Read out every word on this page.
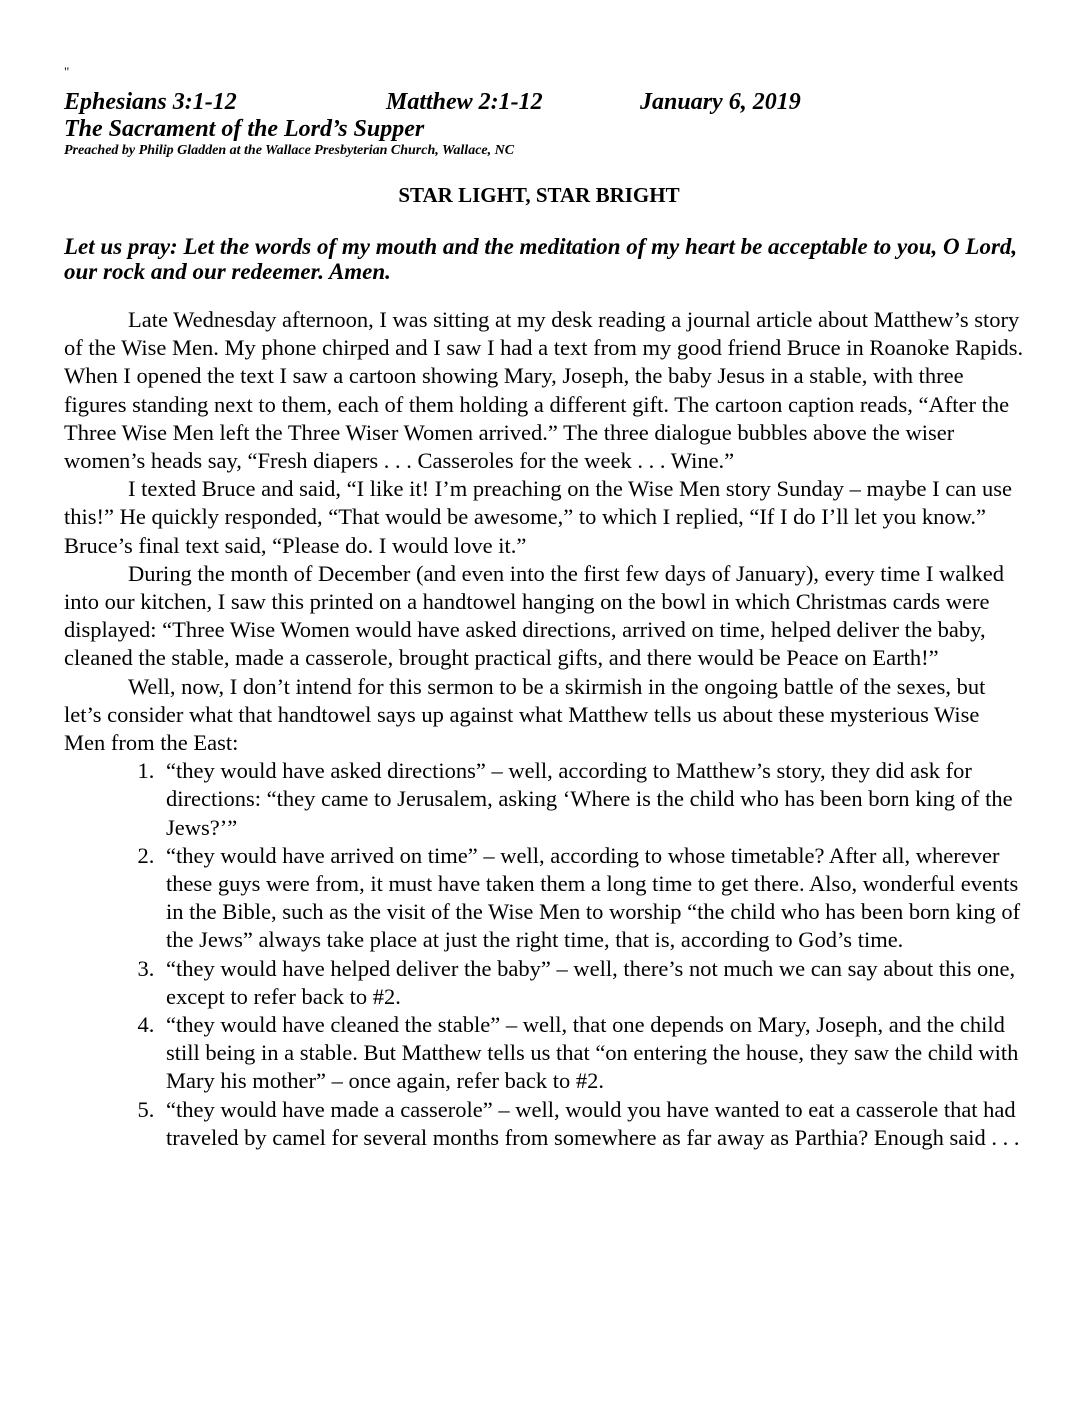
"
Ephesians 3:1-12	Matthew 2:1-12	January 6, 2019
The Sacrament of the Lord’s Supper
Preached by Philip Gladden at the Wallace Presbyterian Church, Wallace, NC
STAR LIGHT, STAR BRIGHT
Let us pray: Let the words of my mouth and the meditation of my heart be acceptable to you, O Lord, our rock and our redeemer. Amen.

Late Wednesday afternoon, I was sitting at my desk reading a journal article about Matthew’s story of the Wise Men. My phone chirped and I saw I had a text from my good friend Bruce in Roanoke Rapids. When I opened the text I saw a cartoon showing Mary, Joseph, the baby Jesus in a stable, with three figures standing next to them, each of them holding a different gift. The cartoon caption reads, “After the Three Wise Men left the Three Wiser Women arrived.” The three dialogue bubbles above the wiser women’s heads say, “Fresh diapers . . . Casseroles for the week . . . Wine.”

I texted Bruce and said, “I like it! I’m preaching on the Wise Men story Sunday – maybe I can use this!” He quickly responded, “That would be awesome,” to which I replied, “If I do I’ll let you know.” Bruce’s final text said, “Please do. I would love it.”

During the month of December (and even into the first few days of January), every time I walked into our kitchen, I saw this printed on a handtowel hanging on the bowl in which Christmas cards were displayed: “Three Wise Women would have asked directions, arrived on time, helped deliver the baby, cleaned the stable, made a casserole, brought practical gifts, and there would be Peace on Earth!”

Well, now, I don’t intend for this sermon to be a skirmish in the ongoing battle of the sexes, but let’s consider what that handtowel says up against what Matthew tells us about these mysterious Wise Men from the East:

1. “they would have asked directions” – well, according to Matthew’s story, they did ask for directions: “they came to Jerusalem, asking ‘Where is the child who has been born king of the Jews?’”
2. “they would have arrived on time” – well, according to whose timetable? After all, wherever these guys were from, it must have taken them a long time to get there. Also, wonderful events in the Bible, such as the visit of the Wise Men to worship “the child who has been born king of the Jews” always take place at just the right time, that is, according to God’s time.
3. “they would have helped deliver the baby” – well, there’s not much we can say about this one, except to refer back to #2.
4. “they would have cleaned the stable” – well, that one depends on Mary, Joseph, and the child still being in a stable. But Matthew tells us that “on entering the house, they saw the child with Mary his mother” – once again, refer back to #2.
5. “they would have made a casserole” – well, would you have wanted to eat a casserole that had traveled by camel for several months from somewhere as far away as Parthia? Enough said . . .
